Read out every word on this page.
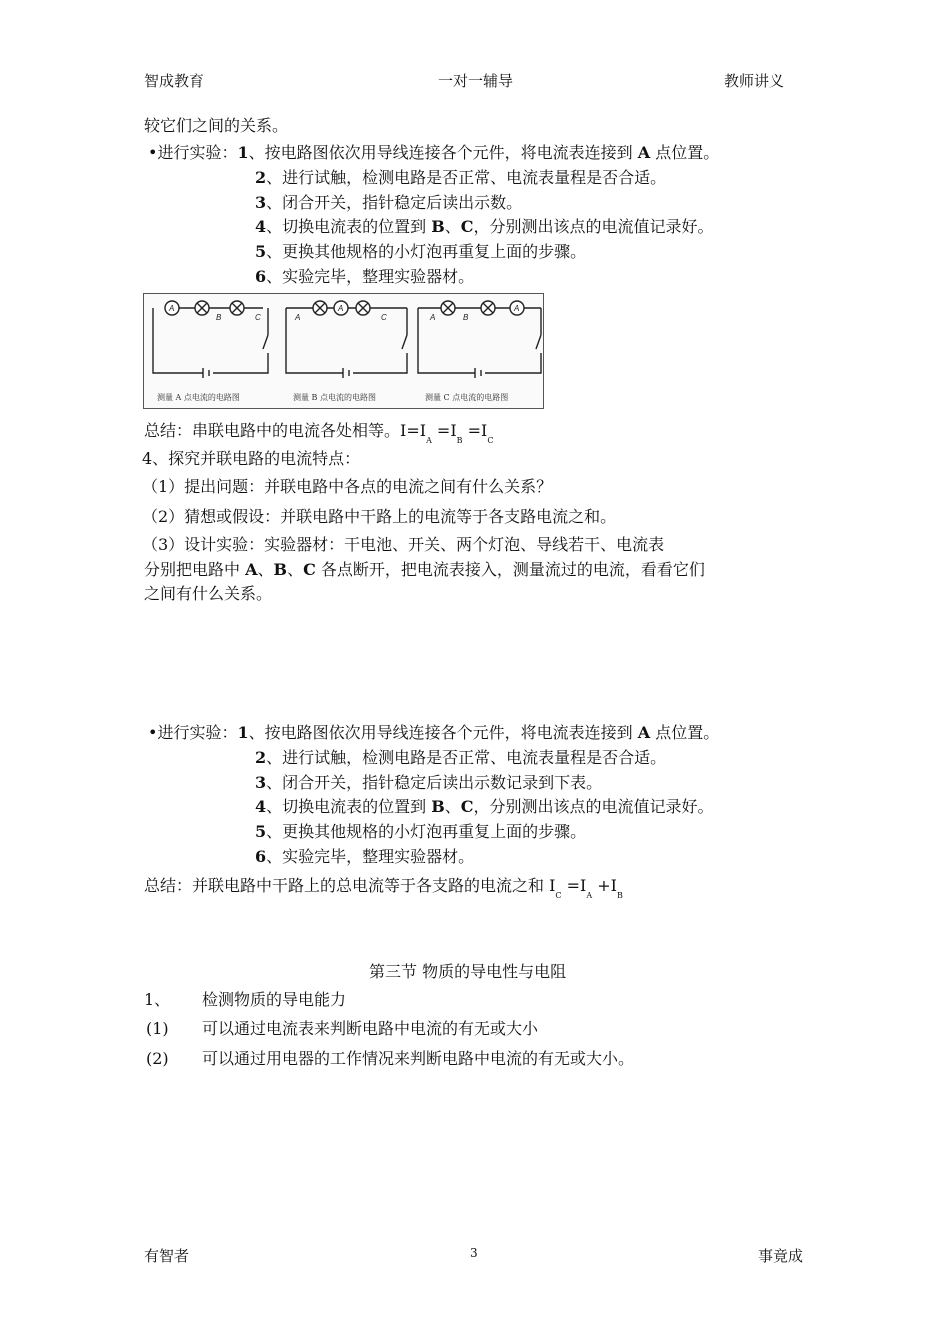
智成教育	一对一辅导	教师讲义
较它们之间的关系。
•进行实验：1、按电路图依次用导线连接各个元件，将电流表连接到 A 点位置。
2、进行试触，检测电路是否正常、电流表量程是否合适。
3、闭合开关，指针稳定后读出示数。
4、切换电流表的位置到 B、C，分别测出该点的电流值记录好。
5、更换其他规格的小灯泡再重复上面的步骤。
6、实验完毕，整理实验器材。
A	A	A
B	C	A	C	A	B
测量 A 点电流的电路图	测量 B 点电流的电路图	测量 C 点电流的电路图
总结：串联电路中的电流各处相等。$I=I_A =I_B =I_C$
4、探究并联电路的电流特点：
（1）提出问题：并联电路中各点的电流之间有什么关系？
（2）猜想或假设：并联电路中干路上的电流等于各支路电流之和。
（3）设计实验：实验器材：干电池、开关、两个灯泡、导线若干、电流表
分别把电路中 A、B、C 各点断开，把电流表接入，测量流过的电流，看看它们
之间有什么关系。
•进行实验：1、按电路图依次用导线连接各个元件，将电流表连接到 A 点位置。
2、进行试触，检测电路是否正常、电流表量程是否合适。
3、闭合开关，指针稳定后读出示数记录到下表。
4、切换电流表的位置到 B、C，分别测出该点的电流值记录好。
5、更换其他规格的小灯泡再重复上面的步骤。
6、实验完毕，整理实验器材。
总结：并联电路中干路上的总电流等于各支路的电流之和 $I_C =I_A +I_B$
第三节 物质的导电性与电阻
1、 检测物质的导电能力
(1) 可以通过电流表来判断电路中电流的有无或大小
(2) 可以通过用电器的工作情况来判断电路中电流的有无或大小。
有智者	3	事竟成
